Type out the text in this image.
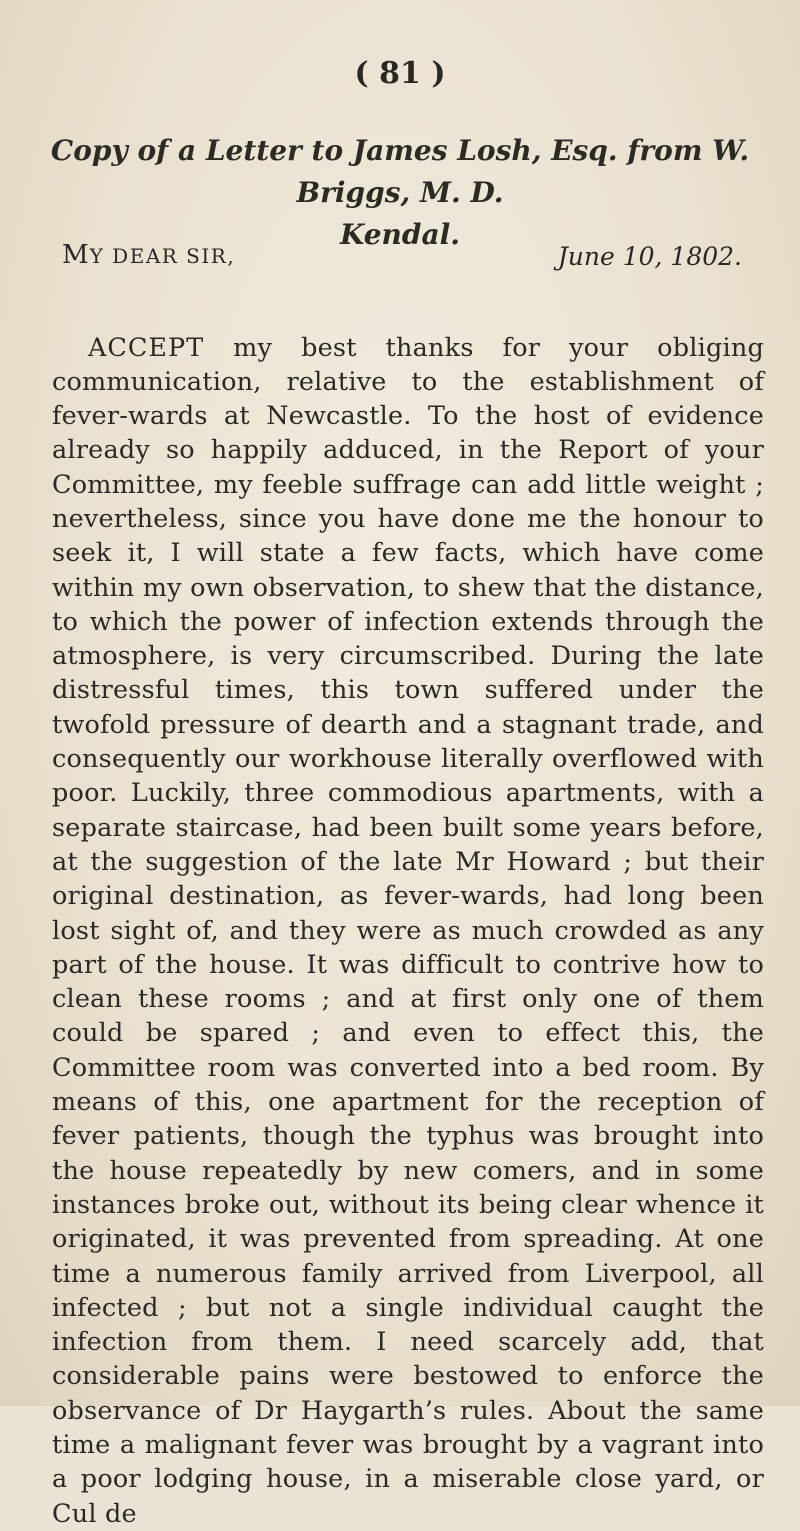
( 81 )
Copy of a Letter to James Losh, Esq. from W. Briggs, M. D.
Kendal.
MY DEAR SIR,	June 10, 1802.

ACCEPT my best thanks for your obliging communication, relative to the establishment of fever-wards at Newcastle. To the host of evidence already so happily adduced, in the Report of your Committee, my feeble suffrage can add little weight ; nevertheless, since you have done me the honour to seek it, I will state a few facts, which have come within my own observation, to shew that the distance, to which the power of infection extends through the atmosphere, is very circumscribed. During the late distressful times, this town suffered under the twofold pressure of dearth and a stagnant trade, and consequently our workhouse literally overflowed with poor. Luckily, three commodious apartments, with a separate staircase, had been built some years before, at the suggestion of the late Mr Howard ; but their original destination, as fever-wards, had long been lost sight of, and they were as much crowded as any part of the house. It was difficult to contrive how to clean these rooms ; and at first only one of them could be spared ; and even to effect this, the Committee room was converted into a bed room. By means of this, one apartment for the reception of fever patients, though the typhus was brought into the house repeatedly by new comers, and in some instances broke out, without its being clear whence it originated, it was prevented from spreading. At one time a numerous family arrived from Liverpool, all infected ; but not a single individual caught the infection from them. I need scarcely add, that considerable pains were bestowed to enforce the observance of Dr Haygarth’s rules. About the same time a malignant fever was brought by a vagrant into a poor lodging house, in a miserable close yard, or Cul de
